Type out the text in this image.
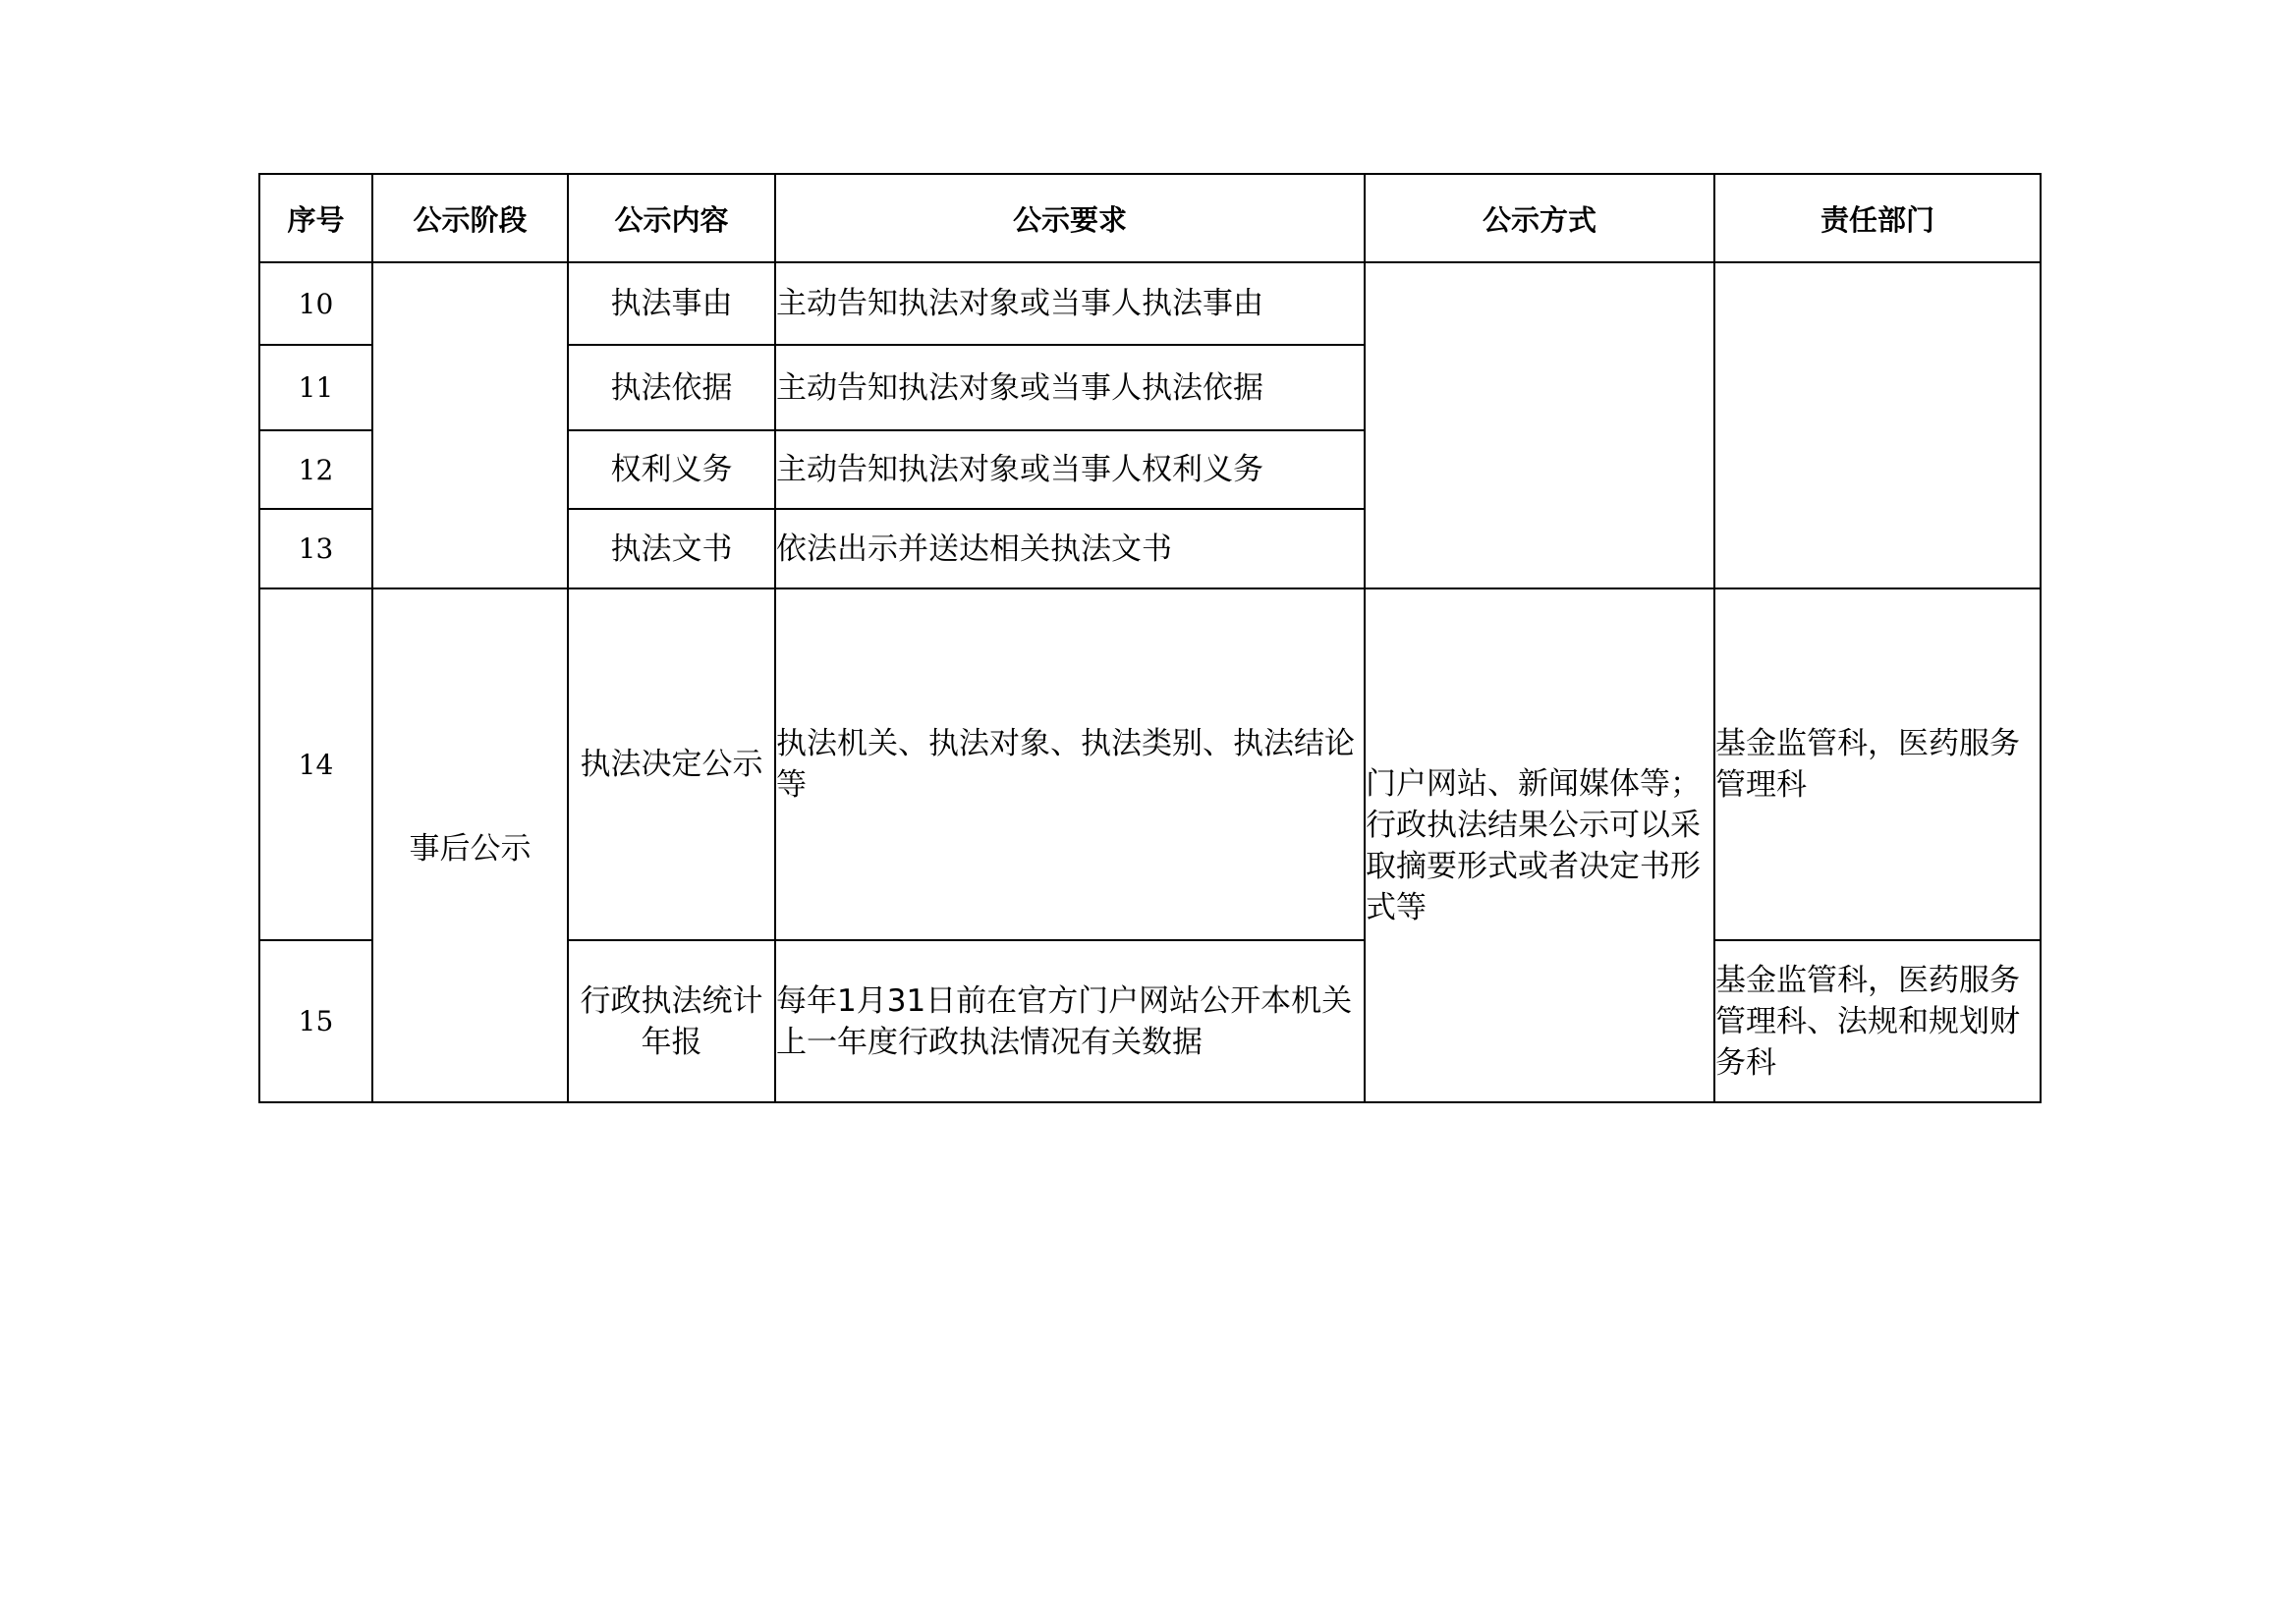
序号	公示阶段	公示内容	公示要求	公示方式	责任部门
10		执法事由	主动告知执法对象或当事人执法事由		
11		执法依据	主动告知执法对象或当事人执法依据		
12		权利义务	主动告知执法对象或当事人权利义务		
13		执法文书	依法出示并送达相关执法文书		
14	事后公示	执法决定公示	执法机关、执法对象、执法类别、执法结论等	门户网站、新闻媒体等；行政执法结果公示可以采取摘要形式或者决定书形式等	基金监管科，医药服务管理科
15		行政执法统计年报	每年1月31日前在官方门户网站公开本机关上一年度行政执法情况有关数据		基金监管科，医药服务管理科、法规和规划财务科
